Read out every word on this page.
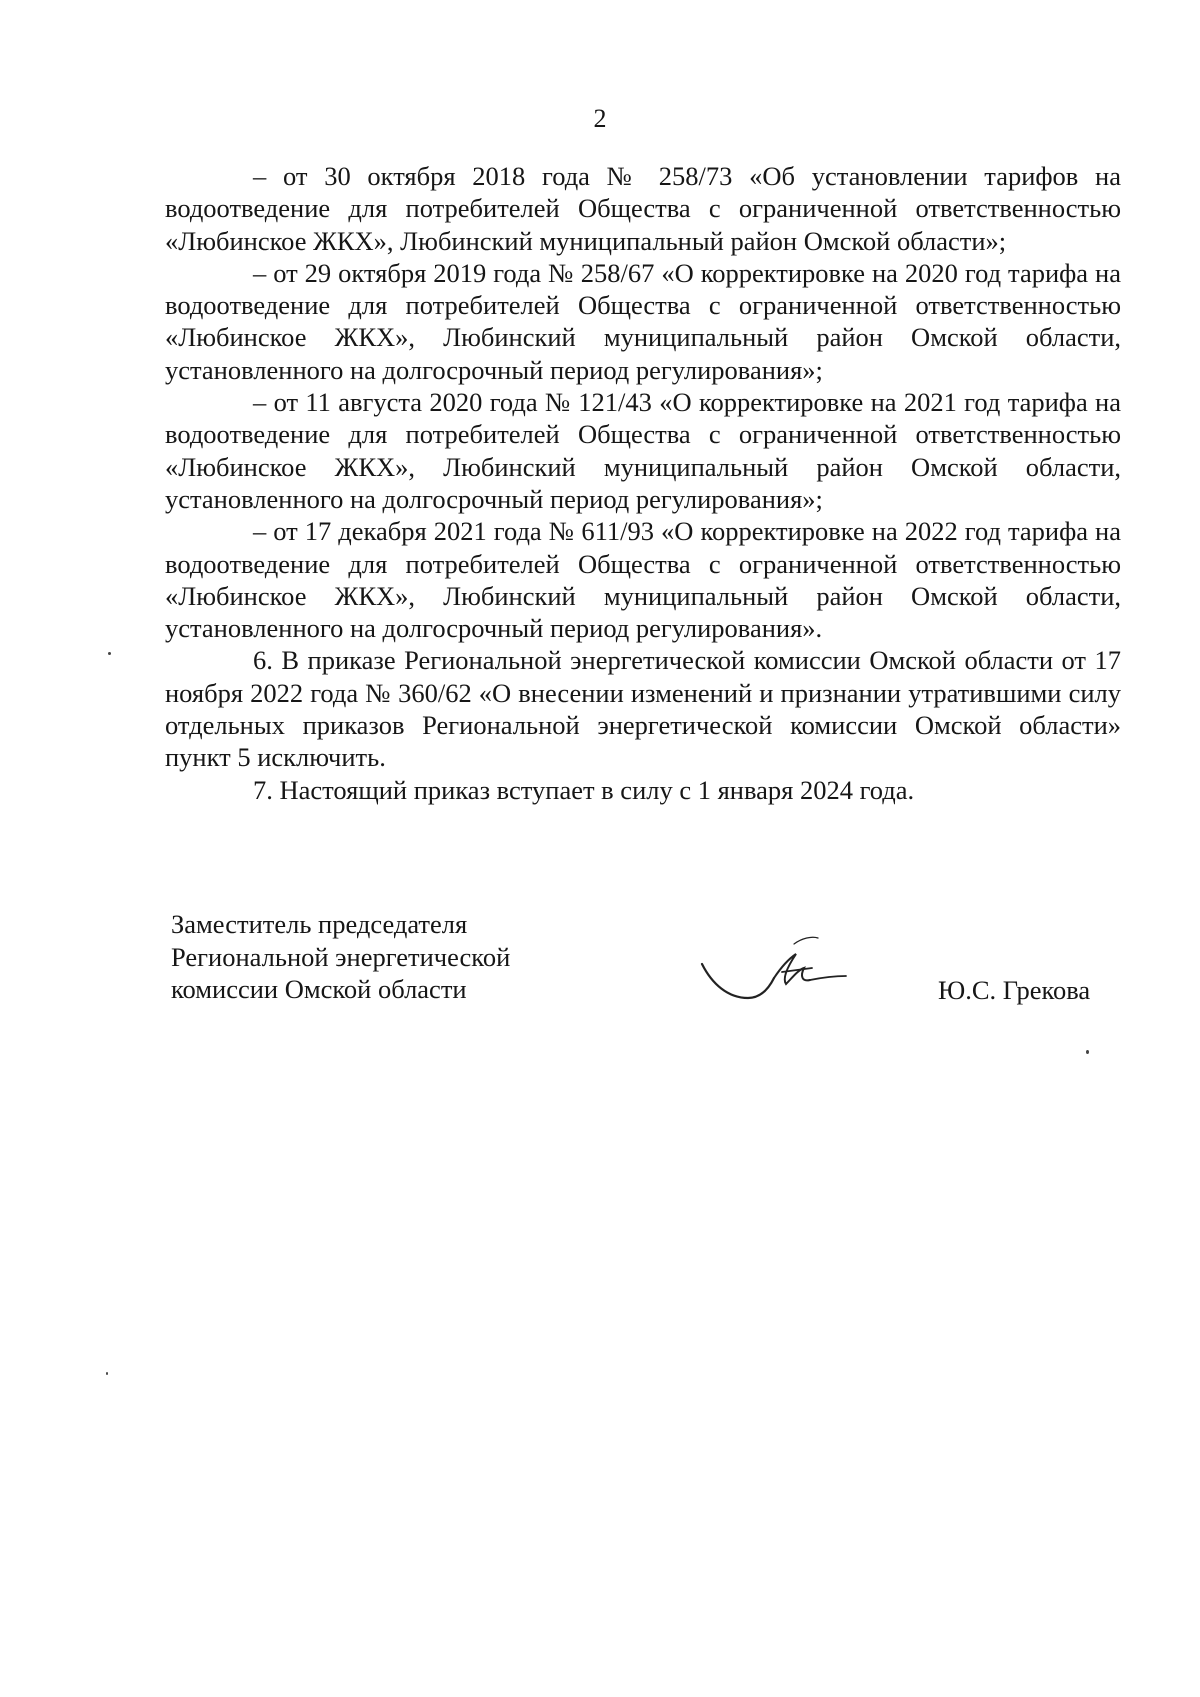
2

– от 30 октября 2018 года № 258/73 «Об установлении тарифов на водоотведение для потребителей Общества с ограниченной ответственностью «Любинское ЖКХ», Любинский муниципальный район Омской области»;

– от 29 октября 2019 года № 258/67 «О корректировке на 2020 год тарифа на водоотведение для потребителей Общества с ограниченной ответственностью «Любинское ЖКХ», Любинский муниципальный район Омской области, установленного на долгосрочный период регулирования»;

– от 11 августа 2020 года № 121/43 «О корректировке на 2021 год тарифа на водоотведение для потребителей Общества с ограниченной ответственностью «Любинское ЖКХ», Любинский муниципальный район Омской области, установленного на долгосрочный период регулирования»;

– от 17 декабря 2021 года № 611/93 «О корректировке на 2022 год тарифа на водоотведение для потребителей Общества с ограниченной ответственностью «Любинское ЖКХ», Любинский муниципальный район Омской области, установленного на долгосрочный период регулирования».

6. В приказе Региональной энергетической комиссии Омской области от 17 ноября 2022 года № 360/62 «О внесении изменений и признании утратившими силу отдельных приказов Региональной энергетической комиссии Омской области» пункт 5 исключить.

7. Настоящий приказ вступает в силу с 1 января 2024 года.

Заместитель председателя
Региональной энергетической
комиссии Омской области	Ю.С. Грекова
